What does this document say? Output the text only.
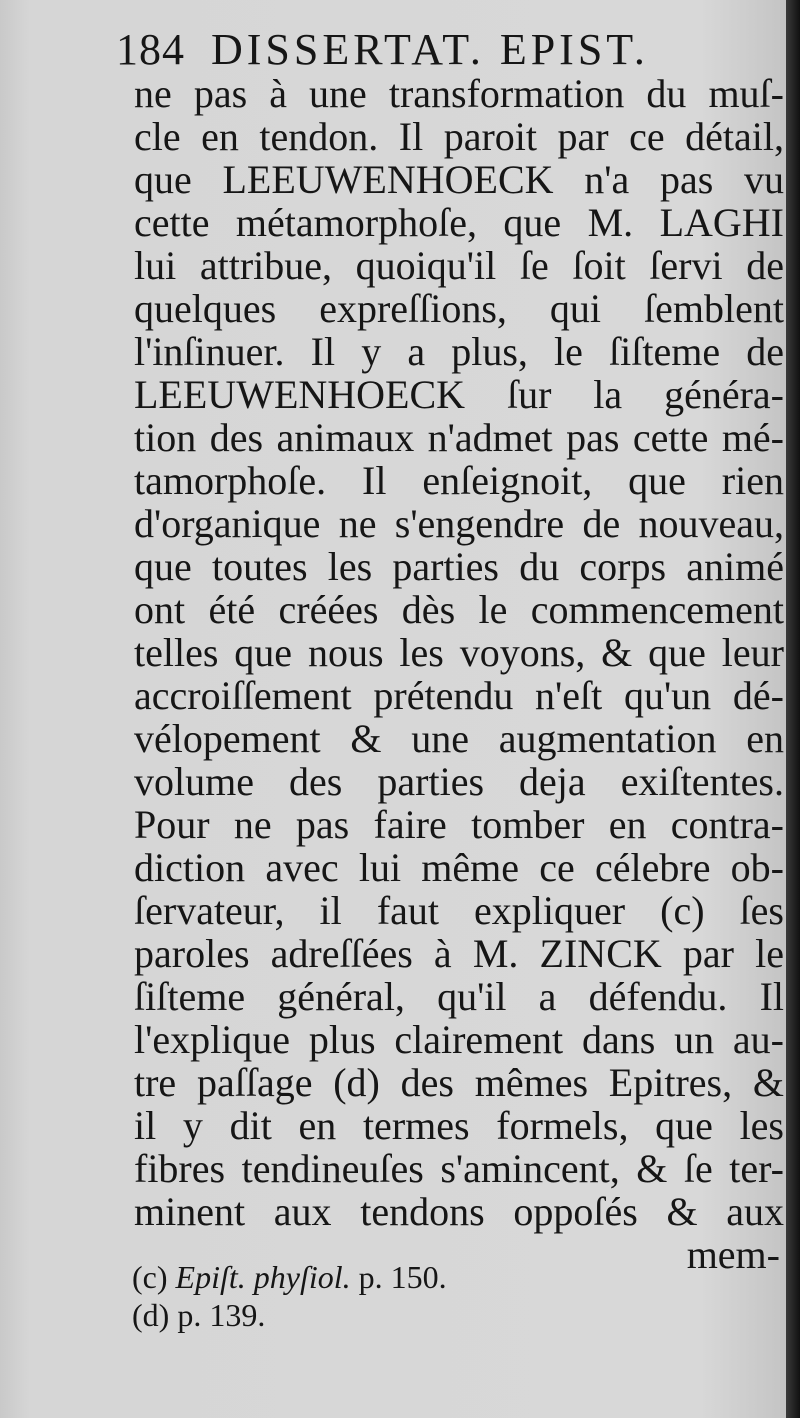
184 DISSERTAT. EPIST.
ne pas à une transformation du muſ-
cle en tendon. Il paroit par ce détail,
que LEEUWENHOECK n'a pas vu
cette métamorphoſe, que M. LAGHI
lui attribue, quoiqu'il ſe ſoit ſervi de
quelques expreſſions, qui ſemblent
l'inſinuer. Il y a plus, le ſiſteme de
LEEUWENHOECK ſur la généra-
tion des animaux n'admet pas cette mé-
tamorphoſe. Il enſeignoit, que rien
d'organique ne s'engendre de nouveau,
que toutes les parties du corps animé
ont été créées dès le commencement
telles que nous les voyons, & que leur
accroiſſement prétendu n'eſt qu'un dé-
vélopement & une augmentation en
volume des parties deja exiſtentes.
Pour ne pas faire tomber en contra-
diction avec lui même ce célebre ob-
ſervateur, il faut expliquer (c) ſes
paroles adreſſées à M. ZINCK par le
ſiſteme général, qu'il a défendu. Il
l'explique plus clairement dans un au-
tre paſſage (d) des mêmes Epitres, &
il y dit en termes formels, que les
fibres tendineuſes s'amincent, & ſe ter-
minent aux tendons oppoſés & aux
mem-
(c) Epiſt. phyſiol. p. 150.
(d) p. 139.
